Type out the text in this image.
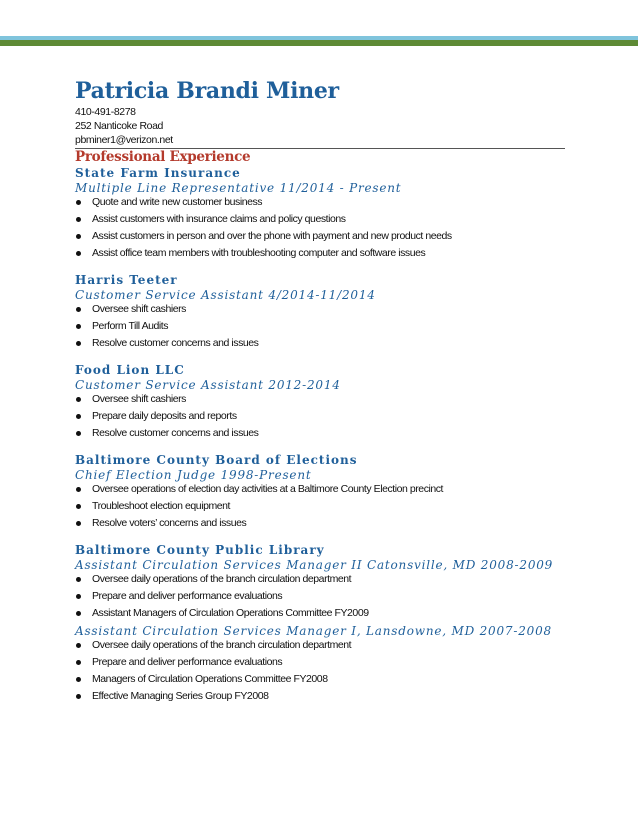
Patricia Brandi Miner
410-491-8278
252 Nanticoke Road
pbminer1@verizon.net
Professional Experience
State Farm Insurance
Multiple Line Representative 11/2014 - Present
Quote and write new customer business
Assist customers with insurance claims and policy questions
Assist customers in person and over the phone with payment and new product needs
Assist office team members with troubleshooting computer and software issues
Harris Teeter
Customer Service Assistant 4/2014-11/2014
Oversee shift cashiers
Perform Till Audits
Resolve customer concerns and issues
Food Lion LLC
Customer Service Assistant 2012-2014
Oversee shift cashiers
Prepare daily deposits and reports
Resolve customer concerns and issues
Baltimore County Board of Elections
Chief Election Judge 1998-Present
Oversee operations of election day activities at a Baltimore County Election precinct
Troubleshoot election equipment
Resolve voters’ concerns and issues
Baltimore County Public Library
Assistant Circulation Services Manager II Catonsville, MD 2008-2009
Oversee daily operations of the branch circulation department
Prepare and deliver performance evaluations
Assistant Managers of Circulation Operations Committee FY2009
Assistant Circulation Services Manager I, Lansdowne, MD 2007-2008
Oversee daily operations of the branch circulation department
Prepare and deliver performance evaluations
Managers of Circulation Operations Committee FY2008
Effective Managing Series Group FY2008
